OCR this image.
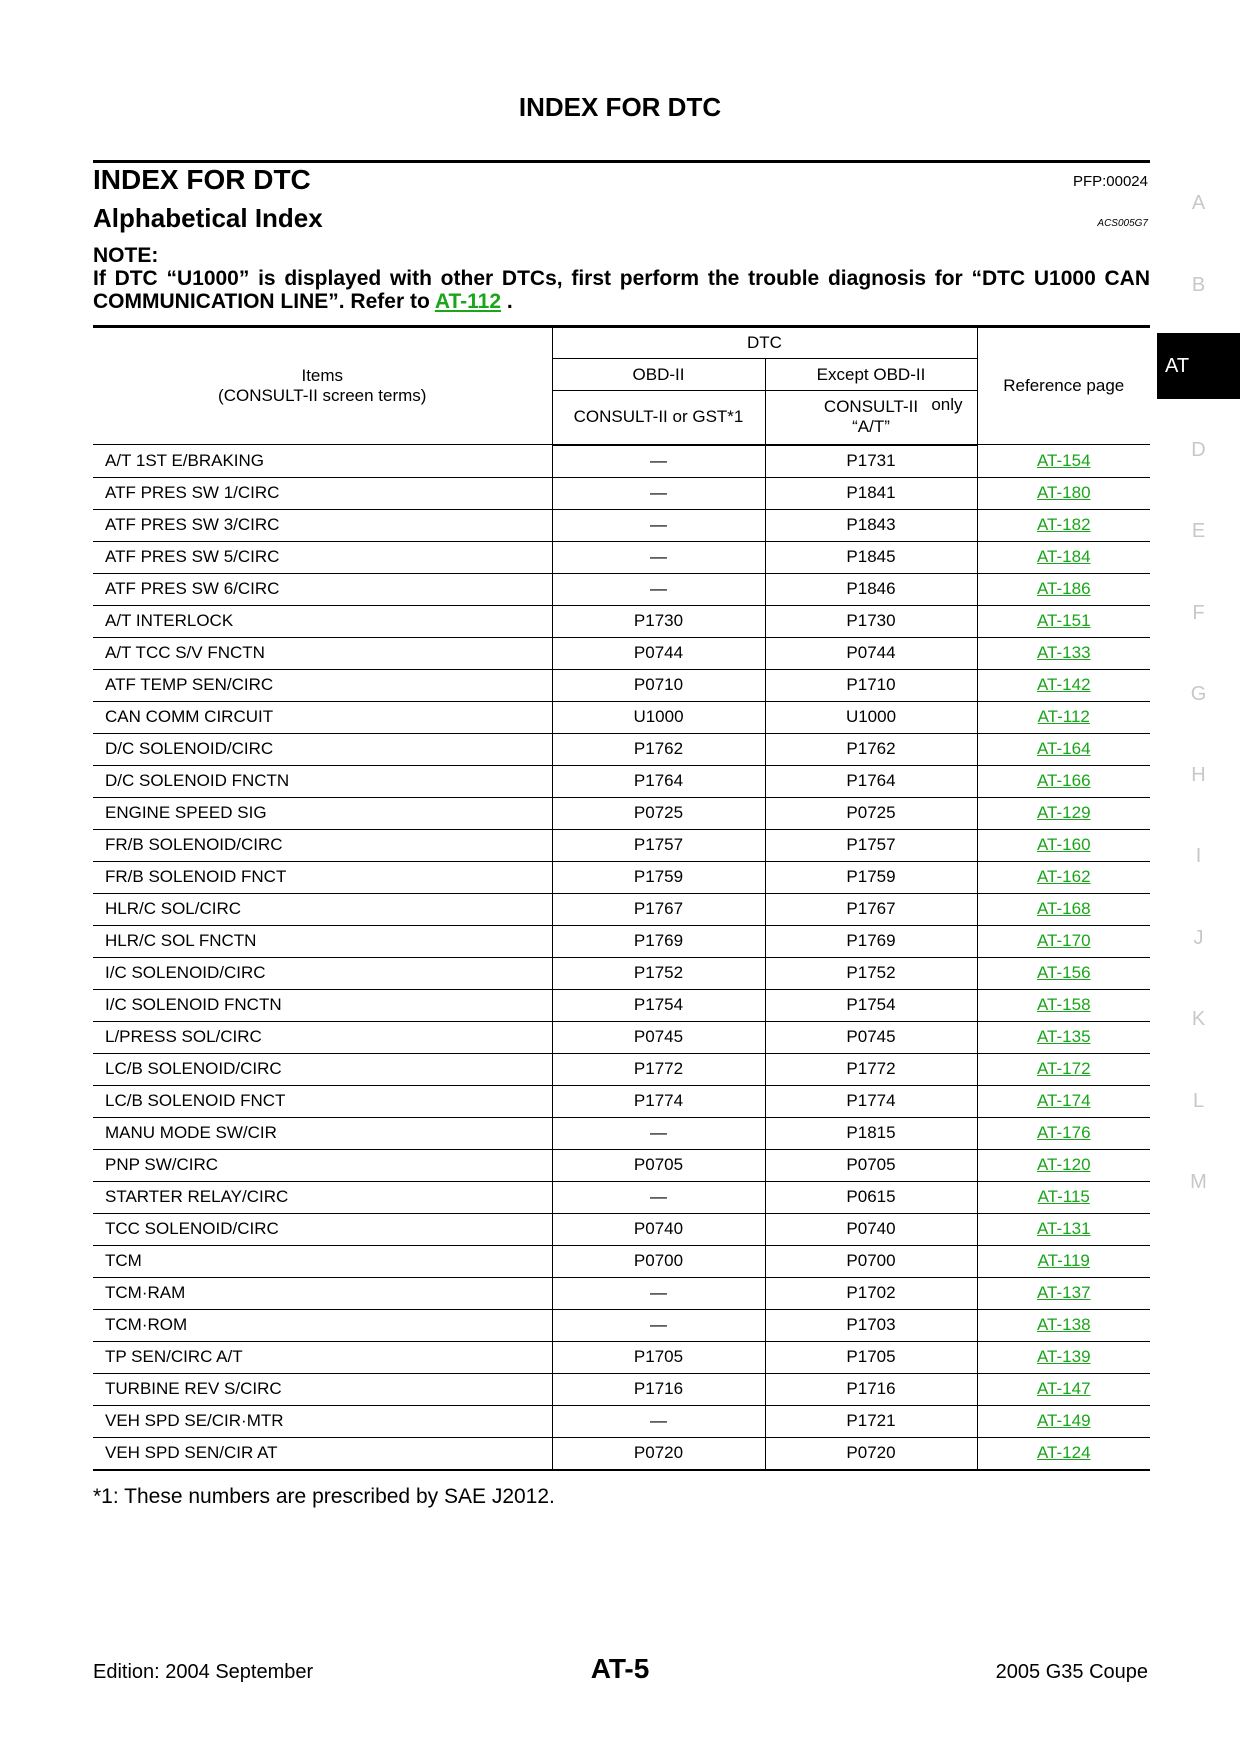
INDEX FOR DTC
INDEX FOR DTC	PFP:00024
Alphabetical Index	ACS005G7
NOTE:
If DTC “U1000” is displayed with other DTCs, first perform the trouble diagnosis for “DTC U1000 CAN COMMUNICATION LINE”. Refer to AT-112 .
Items
(CONSULT-II screen terms)	DTC		Reference page
	OBD-II	Except OBD-II	
	CONSULT-II or GST*1	CONSULT-II
“A/T”
only	

A/T 1ST E/BRAKING	—	P1731	AT-154
ATF PRES SW 1/CIRC	—	P1841	AT-180
ATF PRES SW 3/CIRC	—	P1843	AT-182
ATF PRES SW 5/CIRC	—	P1845	AT-184
ATF PRES SW 6/CIRC	—	P1846	AT-186
A/T INTERLOCK	P1730	P1730	AT-151
A/T TCC S/V FNCTN	P0744	P0744	AT-133
ATF TEMP SEN/CIRC	P0710	P1710	AT-142
CAN COMM CIRCUIT	U1000	U1000	AT-112
D/C SOLENOID/CIRC	P1762	P1762	AT-164
D/C SOLENOID FNCTN	P1764	P1764	AT-166
ENGINE SPEED SIG	P0725	P0725	AT-129
FR/B SOLENOID/CIRC	P1757	P1757	AT-160
FR/B SOLENOID FNCT	P1759	P1759	AT-162
HLR/C SOL/CIRC	P1767	P1767	AT-168
HLR/C SOL FNCTN	P1769	P1769	AT-170
I/C SOLENOID/CIRC	P1752	P1752	AT-156
I/C SOLENOID FNCTN	P1754	P1754	AT-158
L/PRESS SOL/CIRC	P0745	P0745	AT-135
LC/B SOLENOID/CIRC	P1772	P1772	AT-172
LC/B SOLENOID FNCT	P1774	P1774	AT-174
MANU MODE SW/CIR	—	P1815	AT-176
PNP SW/CIRC	P0705	P0705	AT-120
STARTER RELAY/CIRC	—	P0615	AT-115
TCC SOLENOID/CIRC	P0740	P0740	AT-131
TCM	P0700	P0700	AT-119
TCM·RAM	—	P1702	AT-137
TCM·ROM	—	P1703	AT-138
TP SEN/CIRC A/T	P1705	P1705	AT-139
TURBINE REV S/CIRC	P1716	P1716	AT-147
VEH SPD SE/CIR·MTR	—	P1721	AT-149
VEH SPD SEN/CIR AT	P0720	P0720	AT-124
*1: These numbers are prescribed by SAE J2012.
Edition: 2004 September	AT-5	2005 G35 Coupe
A
B
AT
D
E
F
G
H
I
J
K
L
M
